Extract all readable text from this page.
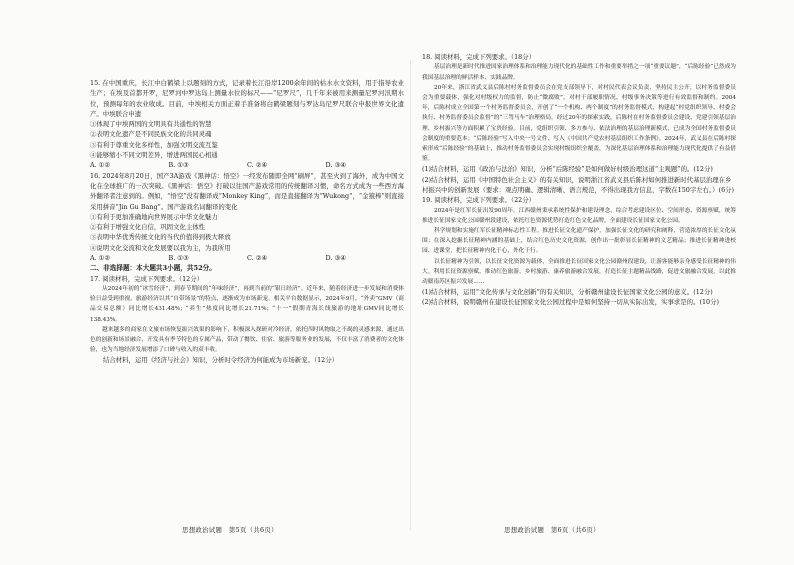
15. 在中国重庆，长江中白鹤梁上以题刻的方式，记录着长江沿岸1200余年间的枯水水文资料，用于指导农业生产；在埃及首都开罗，尼罗河中罗达岛上测量水位的标尺——“尼罗尺”，几千年来被用来测量尼罗河汛期水位，预测每年的农业收成。目前，中埃相关方面正着手准备将白鹤梁题刻与罗达岛尼罗尺联合申报世界文化遗产。中埃联合申遗

①体现了中埃两国的文明具有共通性的智慧

②表明文化遗产是不同民族文化的共同灵魂

③有利于尊重文化多样性，加强文明交流互鉴

④能够缩小不同文明差异，增进两国民心相通

A. ①②	B. ①③	C. ②④	D. ③④

16. 2024年8月20日，国产3A游戏《黑神话：悟空》一经发布随即全网“刷屏”，甚至火到了海外，成为中国文化在全球推广的一次突破。《黑神话：悟空》打破以往国产游戏常用的传统翻译习惯，命名方式成为一些西方海外翻译者注意到的。例如，“悟空”没有翻译成“Monkey King”，而是直接翻译为“Wukong”，“金箍棒”则直接采用拼音“Jin Gu Bang”。国产游戏名词翻译的变化

①有利于更加准确地向世界展示中华文化魅力

②有利于增强文化自信，巩固文化主体性

③表明中华优秀传统文化的当代价值得到极大释放

④说明文化交流和文化发展要以我为主，为我所用

A. ①②	B. ①③	C. ②④	D. ③④
二、非选择题：本大题共3小题，共52分。

17. 阅读材料，完成下列要求。（12分）

从2024年初的“冰雪经济”，到春节期间的“年味经济”，再到当前的“银日经济”。近年来，随着经济进一步发展和消费体验日益受到重视，旅游经济以其“自带场景”的特点，逐渐成为市场新宠。相关平台数据显示，2024年9月，“外卖”GMV（商品交易总额）同比增长431.48%；“养生”热度同比增长21.71%；“十一”假期青海长线旅游的地址GMV同比增长138.43%。

越来越多的商家在文旅市场恢复振兴效果的影响下，积极深入探研对冷经济，依托四时风物取之不竭的灵感来源，通过出色的创新和场景融合，开发具有季节特色的专属产品，带动了餐饮、住宿、旅游等服务业的发展，不仅丰富了消费者的文化体验，也为当地经济发展增添了口碑与收入的双丰收。

结合材料，运用《经济与社会》知识，分析时令经济为何能成为市场新宠。（12分）
思想政治试题　第5页（共6页）

18. 阅读材料，完成下列要求。（18分）

基层治理是新时代推进国家治理体系和治理能力现代化的基础性工作和重要举措之一项“重要议题”，“后陈经验”已然成为我国基层治理的鲜活样本、实践品牌。

20年来，浙江省武义县后陈村村务监督委员会在党支部领导下，对村民代表会议负责，坚持民主公开，以村务监督委员会为重要载体，强化对村级权力的监督，防止“微腐败”，对村干部履职情况、村级事务决策等进行有效监督和制约。2004年，后陈村成立全国第一个村务监督委员会，开创了“一个机构、两个制度”的村务监督模式，构建起“村党组织领导、村委会执行、村务监督委员会监督”的“三驾马车”治理格局。经过20年的探索实践，后陈村在村务监督委员会建设、党建引领基层治理、乡村振兴等方面积累了宝贵经验。目前，党组织引领、多方参与、依法治理的基层治理新模式，已成为全国村务监督委员会制度的重要范本；“后陈经验”写入中央一号文件、写入《中国共产党农村基层组织工作条例》。2024年，武义县在后陈村探索形成“后陈经验”的基础上，推动村务监督委员会实现村级组织全覆盖，为深化基层治理体系和治理能力现代化提供了有益借鉴。

(1)结合材料，运用《政治与法治》知识，分析“后陈经验”是如何做好村级治理这道“主观题”的。(12分)
(2)结合材料，运用《中国特色社会主义》的有关知识，说明浙江省武义县后陈村如何推进新时代基层治理在乡村振兴中的创新发展（要求：观点明确、逻辑清晰、语言规范，不得出现我方信息，字数在150字左右。）(6分)

19. 阅读材料，完成下列要求。（22分）

2024年是红军长征出发90周年。江西赣州秉承系统性保护和建设理念，综合考虑建设区位、空间形态、资源禀赋，统筹推进长征国家文化公园赣州段建设，依托红色资源优势打造红色文化品牌，全面建设长征国家文化公园。

科学规划和实施红军长征精神标志性工程。推进长征文化遗产保护，加强长征文化的研究和阐释，营造浓厚的长征文化氛围；在深入挖掘长征精神内涵的基础上，结合红色历史文化资源，创作出一批彰显长征精神的文艺精品；推进长征精神进校园、进课堂，把长征精神内化于心、外化于行。

以长征精神为引领，以长征文化资源为载体，全面推进长征国家文化公园赣州段建设，让游客能够亲身感受长征精神的伟大。利用长征资源禀赋，推动红色旅游、乡村旅游、康养旅游融合发展，打造长征主题精品线路，促进文旅融合发展，以此推动赣南苏区振兴发展……

(1)结合材料，运用“文化传承与文化创新”的有关知识，分析赣州建设长征国家文化公园的意义。(12分)
(2)结合材料，说明赣州在建设长征国家文化公园过程中是如何坚持一切从实际出发，实事求是的。(10分)
思想政治试题　第6页（共6页）
